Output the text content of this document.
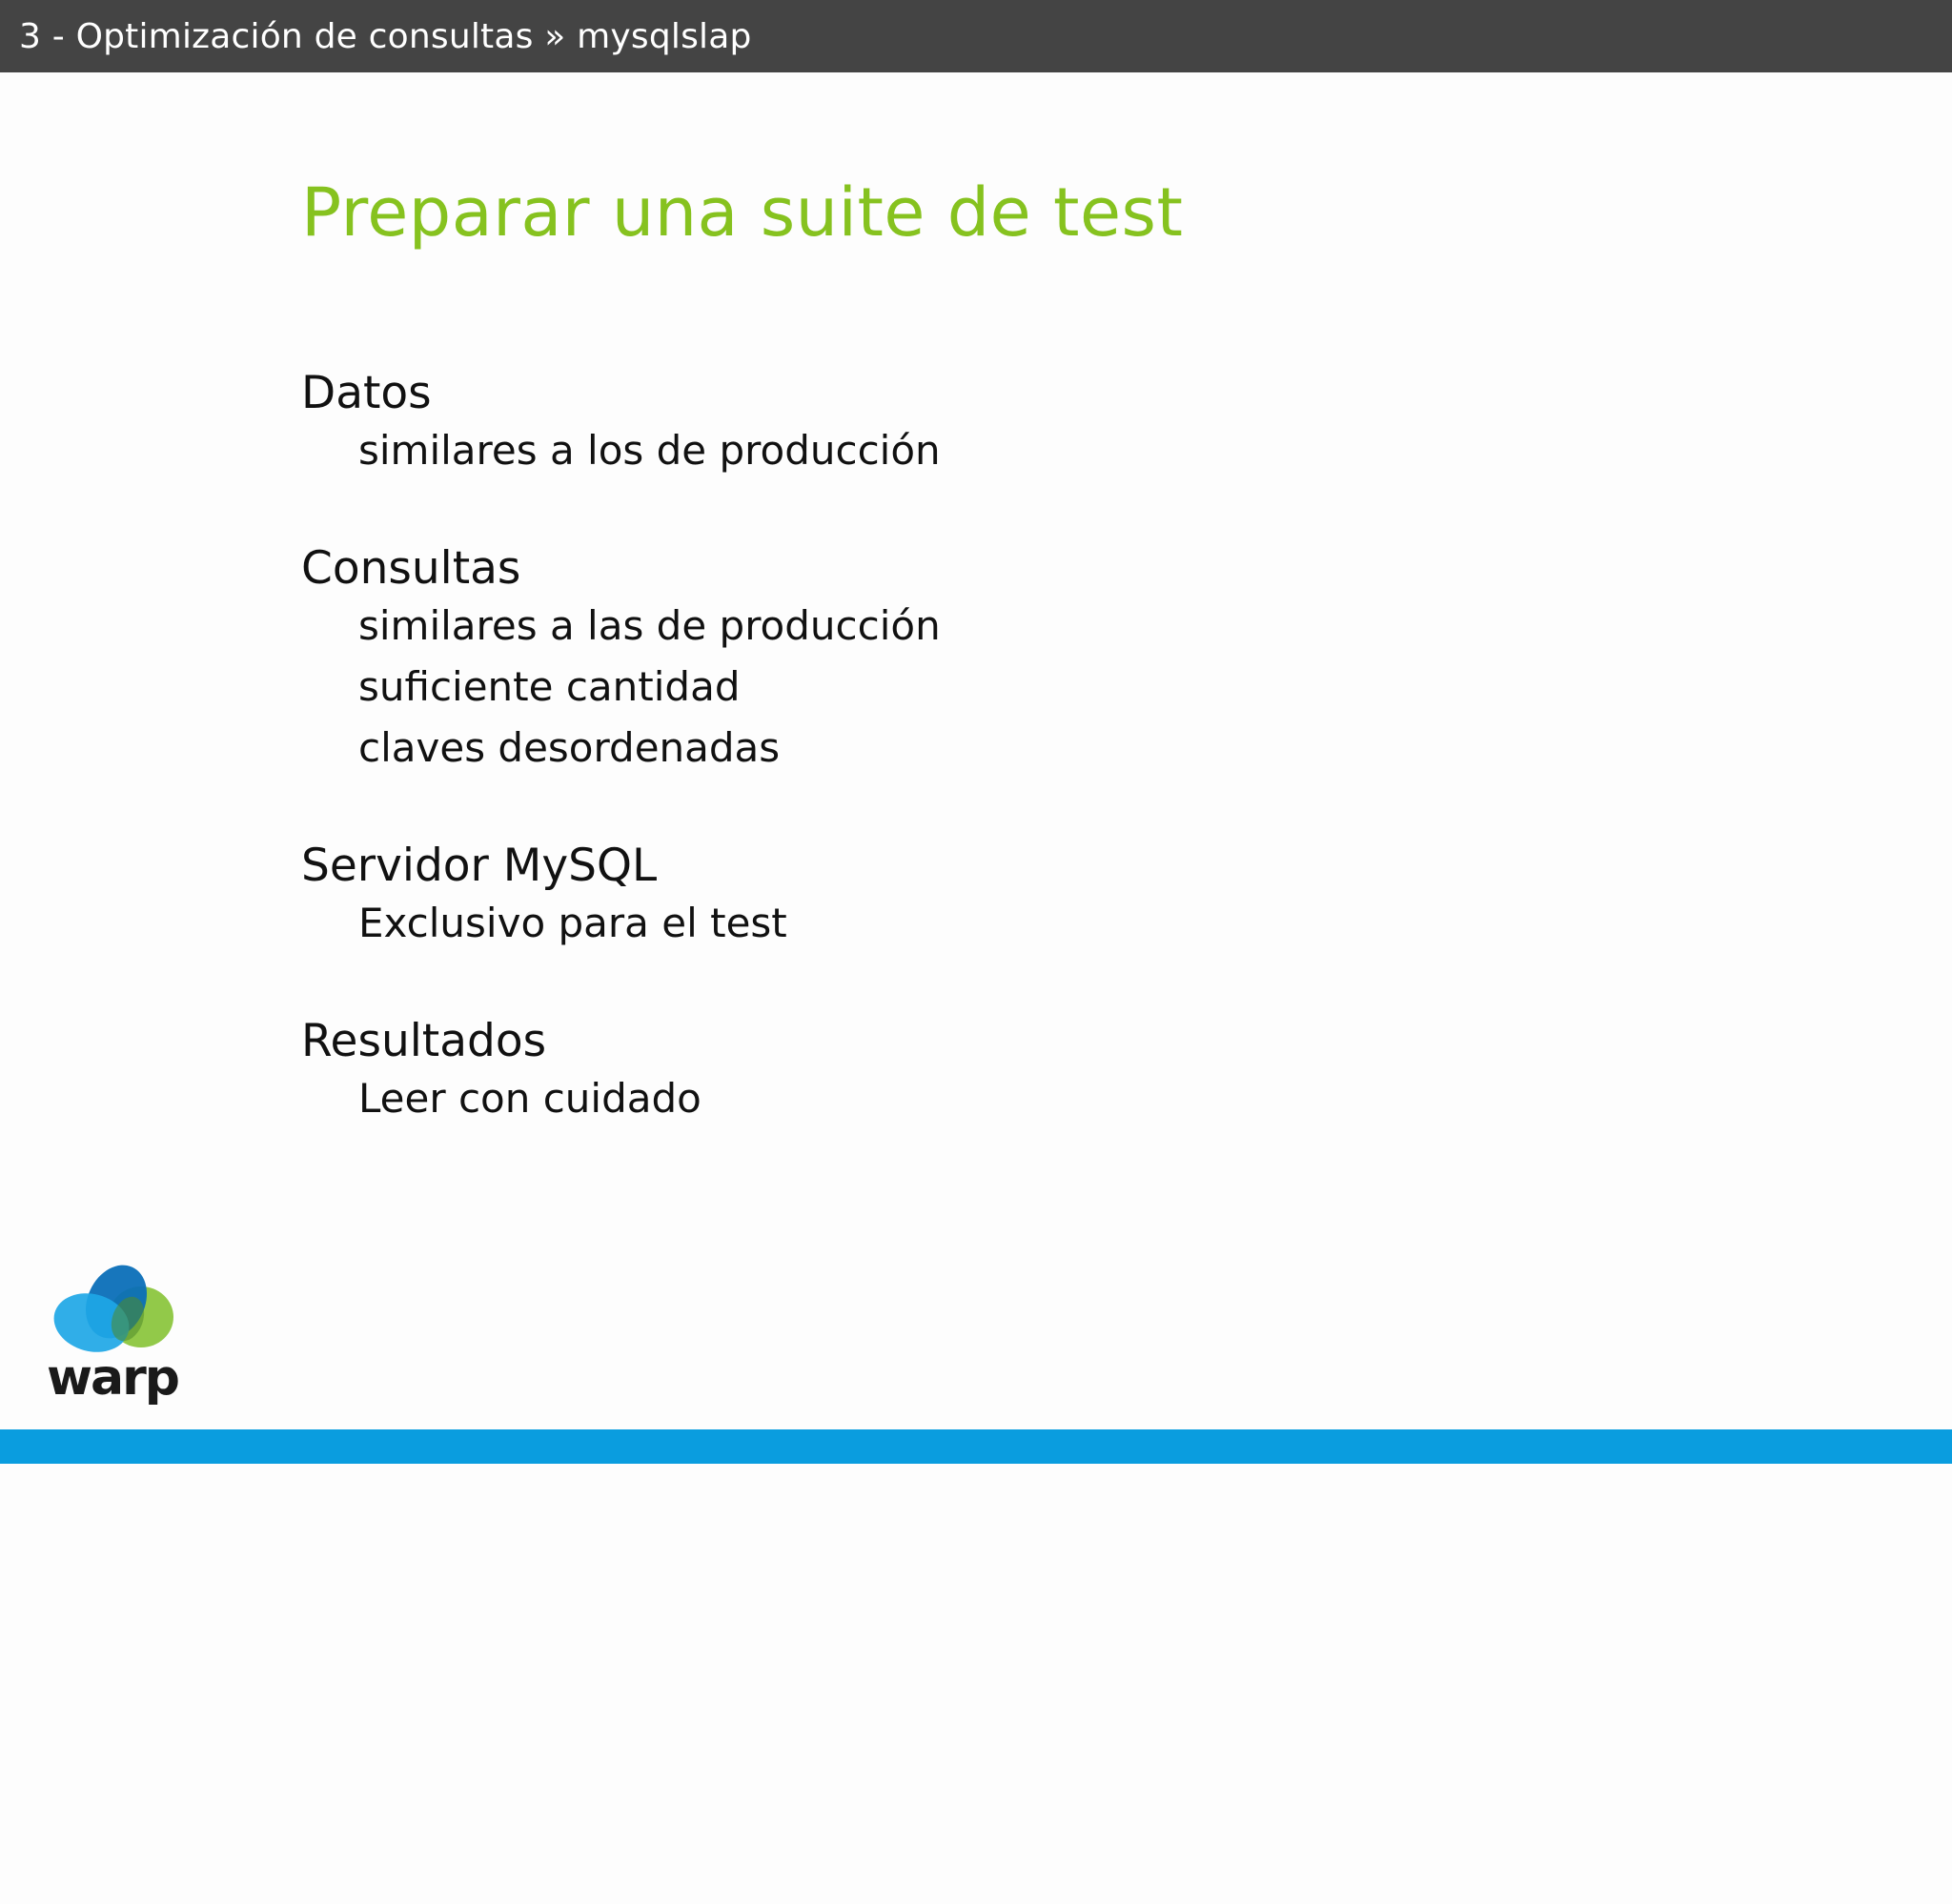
3 - Optimización de consultas » mysqlslap
Preparar una suite de test
Datos
similares a los de producción
Consultas
similares a las de producción
suficiente cantidad
claves desordenadas
Servidor MySQL
Exclusivo para el test
Resultados
Leer con cuidado
warp
